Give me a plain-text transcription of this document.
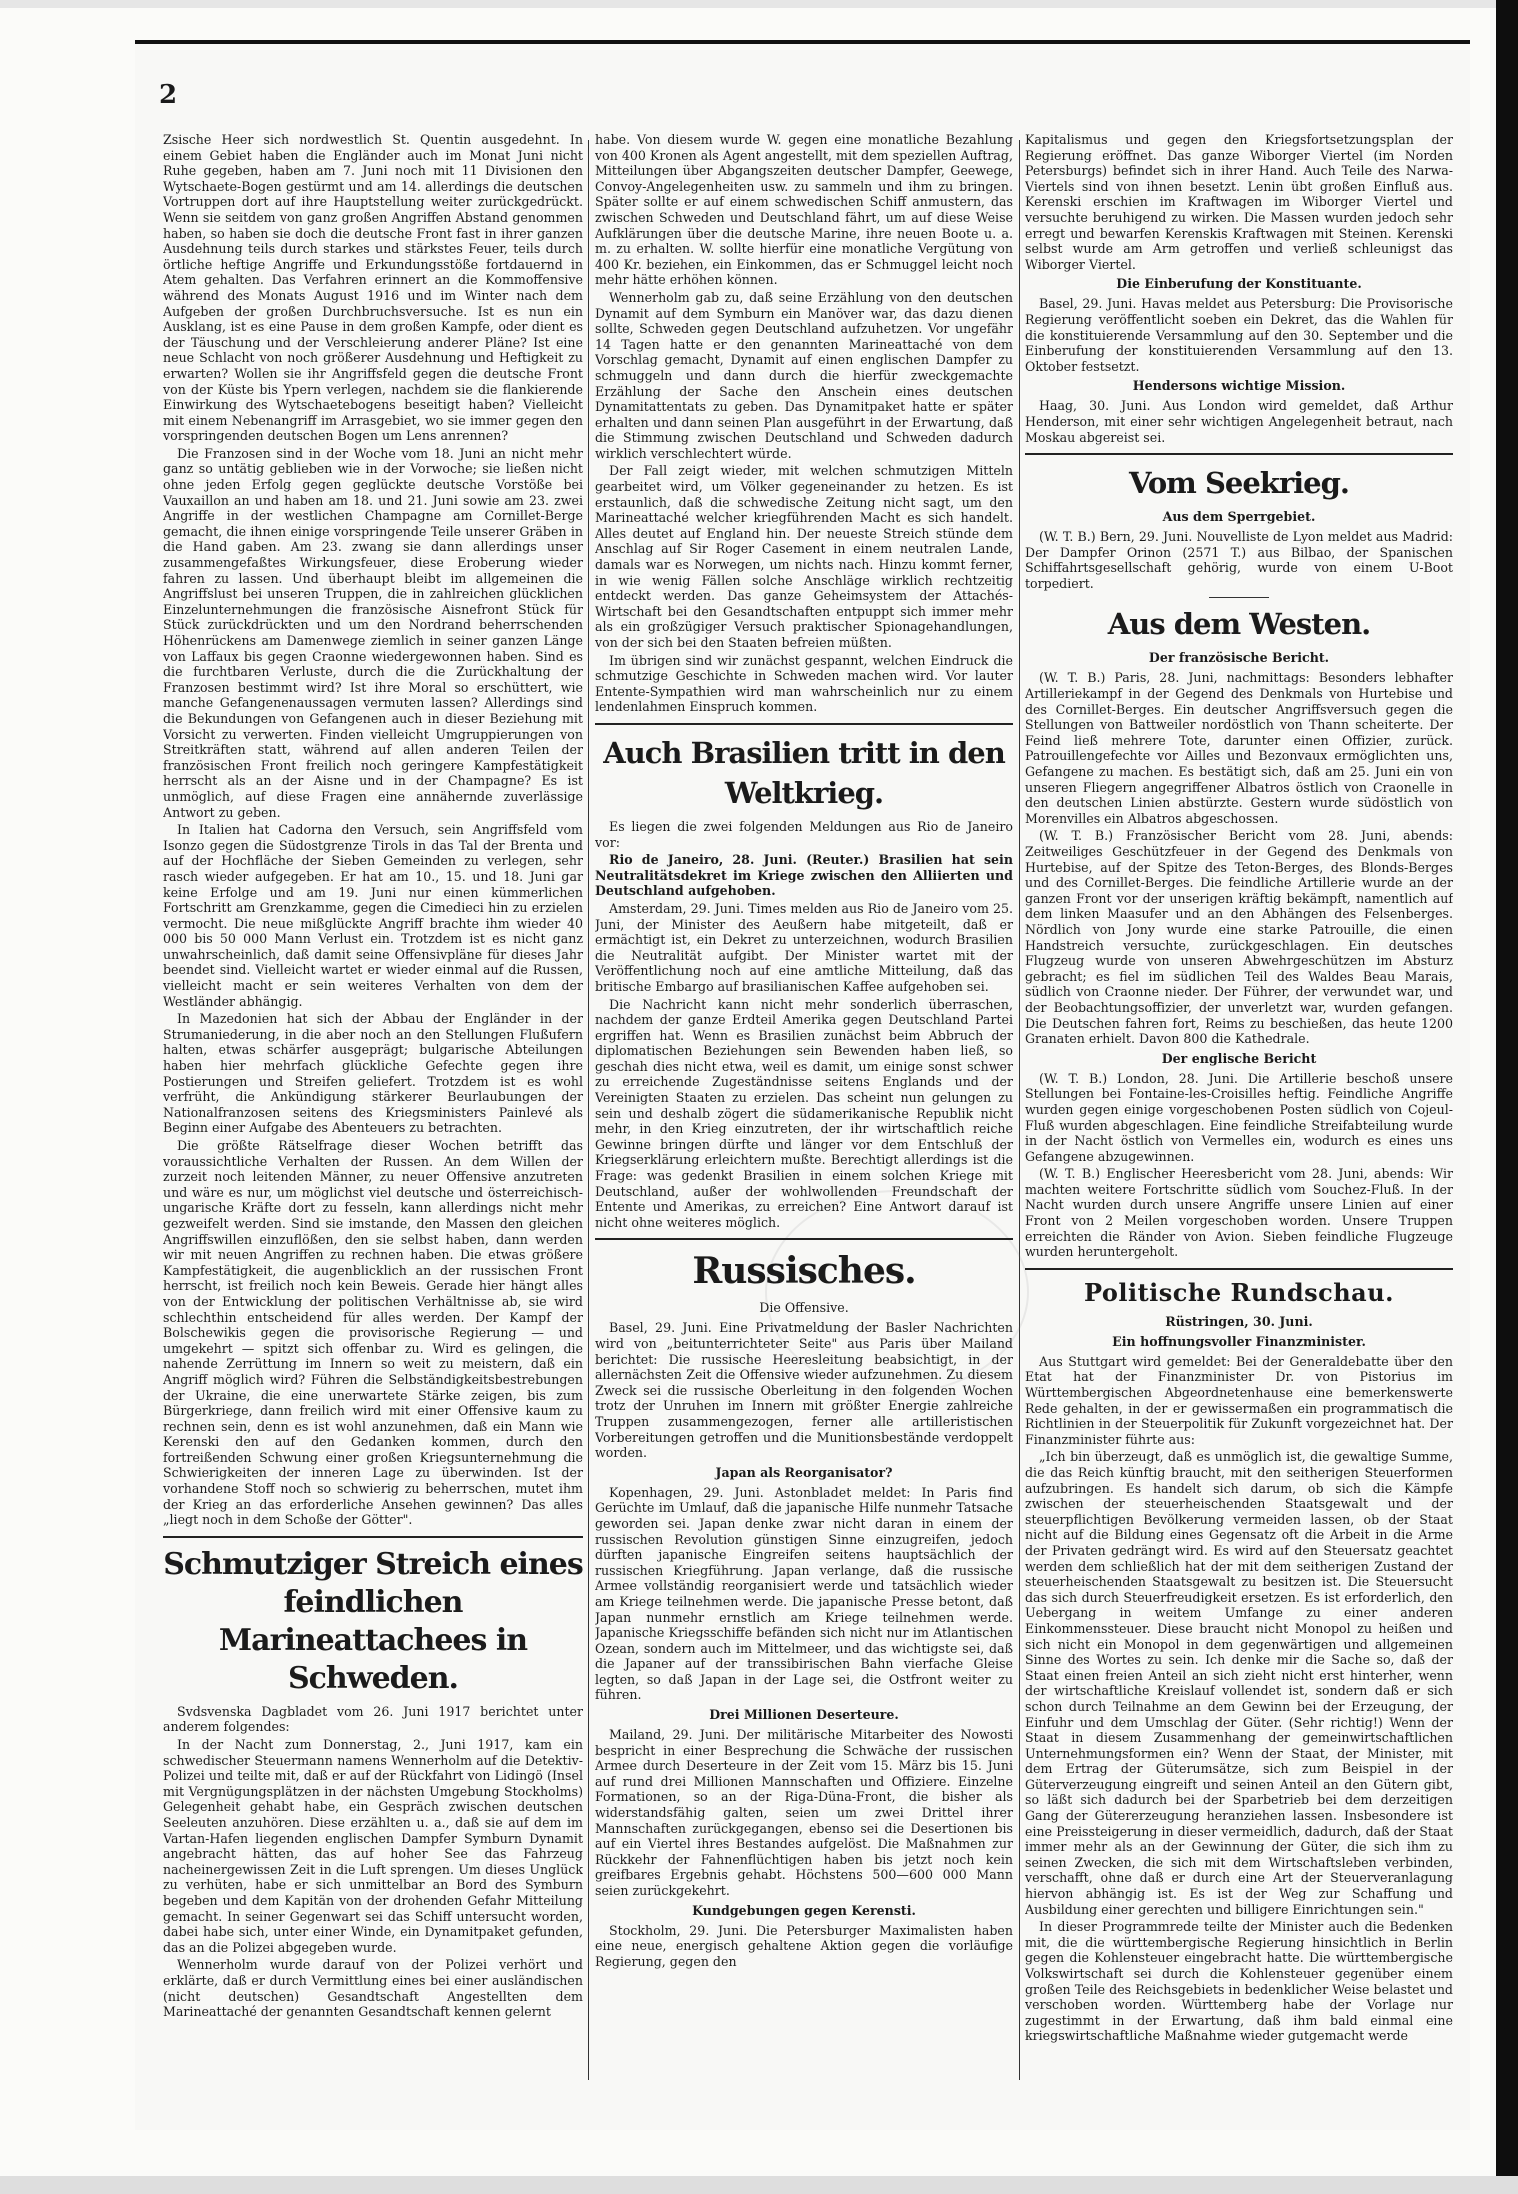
2

Zsische Heer sich nordwestlich St. Quentin ausgedehnt. In einem Gebiet haben die Engländer auch im Monat Juni nicht Ruhe gegeben, haben am 7. Juni noch mit 11 Divisionen den Wytschaete-Bogen gestürmt und am 14. allerdings die deutschen Vortruppen dort auf ihre Hauptstellung weiter zurückgedrückt. Wenn sie seitdem von ganz großen Angriffen Abstand genommen haben, so haben sie doch die deutsche Front fast in ihrer ganzen Ausdehnung teils durch starkes und stärkstes Feuer, teils durch örtliche heftige Angriffe und Erkundungsstöße fortdauernd in Atem gehalten. Das Verfahren erinnert an die Kommoffensive während des Monats August 1916 und im Winter nach dem Aufgeben der großen Durchbruchsversuche. Ist es nun ein Ausklang, ist es eine Pause in dem großen Kampfe, oder dient es der Täuschung und der Verschleierung anderer Pläne? Ist eine neue Schlacht von noch größerer Ausdehnung und Heftigkeit zu erwarten? Wollen sie ihr Angriffsfeld gegen die deutsche Front von der Küste bis Ypern verlegen, nachdem sie die flankierende Einwirkung des Wytschaetebogens beseitigt haben? Vielleicht mit einem Nebenangriff im Arrasgebiet, wo sie immer gegen den vorspringenden deutschen Bogen um Lens anrennen?

Die Franzosen sind in der Woche vom 18. Juni an nicht mehr ganz so untätig geblieben wie in der Vorwoche; sie ließen nicht ohne jeden Erfolg gegen geglückte deutsche Vorstöße bei Vauxaillon an und haben am 18. und 21. Juni sowie am 23. zwei Angriffe in der westlichen Champagne am Cornillet-Berge gemacht, die ihnen einige vorspringende Teile unserer Gräben in die Hand gaben. Am 23. zwang sie dann allerdings unser zusammengefaßtes Wirkungsfeuer, diese Eroberung wieder fahren zu lassen. Und überhaupt bleibt im allgemeinen die Angriffslust bei unseren Truppen, die in zahlreichen glücklichen Einzelunternehmungen die französische Aisnefront Stück für Stück zurückdrückten und um den Nordrand beherrschenden Höhenrückens am Damenwege ziemlich in seiner ganzen Länge von Laffaux bis gegen Craonne wiedergewonnen haben. Sind es die furchtbaren Verluste, durch die die Zurückhaltung der Franzosen bestimmt wird? Ist ihre Moral so erschüttert, wie manche Gefangenenaussagen vermuten lassen? Allerdings sind die Bekundungen von Gefangenen auch in dieser Beziehung mit Vorsicht zu verwerten. Finden vielleicht Umgruppierungen von Streitkräften statt, während auf allen anderen Teilen der französischen Front freilich noch geringere Kampfestätigkeit herrscht als an der Aisne und in der Champagne? Es ist unmöglich, auf diese Fragen eine annähernde zuverlässige Antwort zu geben.

In Italien hat Cadorna den Versuch, sein Angriffsfeld vom Isonzo gegen die Südostgrenze Tirols in das Tal der Brenta und auf der Hochfläche der Sieben Gemeinden zu verlegen, sehr rasch wieder aufgegeben. Er hat am 10., 15. und 18. Juni gar keine Erfolge und am 19. Juni nur einen kümmerlichen Fortschritt am Grenzkamme, gegen die Cimedieci hin zu erzielen vermocht. Die neue mißglückte Angriff brachte ihm wieder 40 000 bis 50 000 Mann Verlust ein. Trotzdem ist es nicht ganz unwahrscheinlich, daß damit seine Offensivpläne für dieses Jahr beendet sind. Vielleicht wartet er wieder einmal auf die Russen, vielleicht macht er sein weiteres Verhalten von dem der Westländer abhängig.

In Mazedonien hat sich der Abbau der Engländer in der Strumaniederung, in die aber noch an den Stellungen Flußufern halten, etwas schärfer ausgeprägt; bulgarische Abteilungen haben hier mehrfach glückliche Gefechte gegen ihre Postierungen und Streifen geliefert. Trotzdem ist es wohl verfrüht, die Ankündigung stärkerer Beurlaubungen der Nationalfranzosen seitens des Kriegsministers Painlevé als Beginn einer Aufgabe des Abenteuers zu betrachten.

Die größte Rätselfrage dieser Wochen betrifft das voraussichtliche Verhalten der Russen. An dem Willen der zurzeit noch leitenden Männer, zu neuer Offensive anzutreten und wäre es nur, um möglichst viel deutsche und österreichisch-ungarische Kräfte dort zu fesseln, kann allerdings nicht mehr gezweifelt werden. Sind sie imstande, den Massen den gleichen Angriffswillen einzuflößen, den sie selbst haben, dann werden wir mit neuen Angriffen zu rechnen haben. Die etwas größere Kampfestätigkeit, die augenblicklich an der russischen Front herrscht, ist freilich noch kein Beweis. Gerade hier hängt alles von der Entwicklung der politischen Verhältnisse ab, sie wird schlechthin entscheidend für alles werden. Der Kampf der Bolschewikis gegen die provisorische Regierung — und umgekehrt — spitzt sich offenbar zu. Wird es gelingen, die nahende Zerrüttung im Innern so weit zu meistern, daß ein Angriff möglich wird? Führen die Selbständigkeitsbestrebungen der Ukraine, die eine unerwartete Stärke zeigen, bis zum Bürgerkriege, dann freilich wird mit einer Offensive kaum zu rechnen sein, denn es ist wohl anzunehmen, daß ein Mann wie Kerenski den auf den Gedanken kommen, durch den fortreißenden Schwung einer großen Kriegsunternehmung die Schwierigkeiten der inneren Lage zu überwinden. Ist der vorhandene Stoff noch so schwierig zu beherrschen, mutet ihm der Krieg an das erforderliche Ansehen gewinnen? Das alles „liegt noch in dem Schoße der Götter".

Schmutziger Streich eines feindlichen Marineattachees in Schweden.

Svdsvenska Dagbladet vom 26. Juni 1917 berichtet unter anderem folgendes:

In der Nacht zum Donnerstag, 2., Juni 1917, kam ein schwedischer Steuermann namens Wennerholm auf die Detektiv-Polizei und teilte mit, daß er auf der Rückfahrt von Lidingö (Insel mit Vergnügungsplätzen in der nächsten Umgebung Stockholms) Gelegenheit gehabt habe, ein Gespräch zwischen deutschen Seeleuten anzuhören. Diese erzählten u. a., daß sie auf dem im Vartan-Hafen liegenden englischen Dampfer Symburn Dynamit angebracht hätten, das auf hoher See das Fahrzeug nacheinergewissen Zeit in die Luft sprengen. Um dieses Unglück zu verhüten, habe er sich unmittelbar an Bord des Symburn begeben und dem Kapitän von der drohenden Gefahr Mitteilung gemacht. In seiner Gegenwart sei das Schiff untersucht worden, dabei habe sich, unter einer Winde, ein Dynamitpaket gefunden, das an die Polizei abgegeben wurde.

Wennerholm wurde darauf von der Polizei verhört und erklärte, daß er durch Vermittlung eines bei einer ausländischen (nicht deutschen) Gesandtschaft Angestellten dem Marineattaché der genannten Gesandtschaft kennen gelernt

habe. Von diesem wurde W. gegen eine monatliche Bezahlung von 400 Kronen als Agent angestellt, mit dem speziellen Auftrag, Mitteilungen über Abgangszeiten deutscher Dampfer, Geewege, Convoy-Angelegenheiten usw. zu sammeln und ihm zu bringen. Später sollte er auf einem schwedischen Schiff anmustern, das zwischen Schweden und Deutschland fährt, um auf diese Weise Aufklärungen über die deutsche Marine, ihre neuen Boote u. a. m. zu erhalten. W. sollte hierfür eine monatliche Vergütung von 400 Kr. beziehen, ein Einkommen, das er Schmuggel leicht noch mehr hätte erhöhen können.

Wennerholm gab zu, daß seine Erzählung von den deutschen Dynamit auf dem Symburn ein Manöver war, das dazu dienen sollte, Schweden gegen Deutschland aufzuhetzen. Vor ungefähr 14 Tagen hatte er den genannten Marineattaché von dem Vorschlag gemacht, Dynamit auf einen englischen Dampfer zu schmuggeln und dann durch die hierfür zweckgemachte Erzählung der Sache den Anschein eines deutschen Dynamitattentats zu geben. Das Dynamitpaket hatte er später erhalten und dann seinen Plan ausgeführt in der Erwartung, daß die Stimmung zwischen Deutschland und Schweden dadurch wirklich verschlechtert würde.

Der Fall zeigt wieder, mit welchen schmutzigen Mitteln gearbeitet wird, um Völker gegeneinander zu hetzen. Es ist erstaunlich, daß die schwedische Zeitung nicht sagt, um den Marineattaché welcher kriegführenden Macht es sich handelt. Alles deutet auf England hin. Der neueste Streich stünde dem Anschlag auf Sir Roger Casement in einem neutralen Lande, damals war es Norwegen, um nichts nach. Hinzu kommt ferner, in wie wenig Fällen solche Anschläge wirklich rechtzeitig entdeckt werden. Das ganze Geheimsystem der Attachés-Wirtschaft bei den Gesandtschaften entpuppt sich immer mehr als ein großzügiger Versuch praktischer Spionagehandlungen, von der sich bei den Staaten befreien müßten.

Im übrigen sind wir zunächst gespannt, welchen Eindruck die schmutzige Geschichte in Schweden machen wird. Vor lauter Entente-Sympathien wird man wahrscheinlich nur zu einem lendenlahmen Einspruch kommen.

Auch Brasilien tritt in den Weltkrieg.

Es liegen die zwei folgenden Meldungen aus Rio de Janeiro vor:

Rio de Janeiro, 28. Juni. (Reuter.) Brasilien hat sein Neutralitätsdekret im Kriege zwischen den Alliierten und Deutschland aufgehoben.

Amsterdam, 29. Juni. Times melden aus Rio de Janeiro vom 25. Juni, der Minister des Aeußern habe mitgeteilt, daß er ermächtigt ist, ein Dekret zu unterzeichnen, wodurch Brasilien die Neutralität aufgibt. Der Minister wartet mit der Veröffentlichung noch auf eine amtliche Mitteilung, daß das britische Embargo auf brasilianischen Kaffee aufgehoben sei.

Die Nachricht kann nicht mehr sonderlich überraschen, nachdem der ganze Erdteil Amerika gegen Deutschland Partei ergriffen hat. Wenn es Brasilien zunächst beim Abbruch der diplomatischen Beziehungen sein Bewenden haben ließ, so geschah dies nicht etwa, weil es damit, um einige sonst schwer zu erreichende Zugeständnisse seitens Englands und der Vereinigten Staaten zu erzielen. Das scheint nun gelungen zu sein und deshalb zögert die südamerikanische Republik nicht mehr, in den Krieg einzutreten, der ihr wirtschaftlich reiche Gewinne bringen dürfte und länger vor dem Entschluß der Kriegserklärung erleichtern mußte. Berechtigt allerdings ist die Frage: was gedenkt Brasilien in einem solchen Kriege mit Deutschland, außer der wohlwollenden Freundschaft der Entente und Amerikas, zu erreichen? Eine Antwort darauf ist nicht ohne weiteres möglich.

Russisches.
Die Offensive.

Basel, 29. Juni. Eine Privatmeldung der Basler Nachrichten wird von „beitunterrichteter Seite" aus Paris über Mailand berichtet: Die russische Heeresleitung beabsichtigt, in der allernächsten Zeit die Offensive wieder aufzunehmen. Zu diesem Zweck sei die russische Oberleitung in den folgenden Wochen trotz der Unruhen im Innern mit größter Energie zahlreiche Truppen zusammengezogen, ferner alle artilleristischen Vorbereitungen getroffen und die Munitionsbestände verdoppelt worden.

Japan als Reorganisator?

Kopenhagen, 29. Juni. Astonbladet meldet: In Paris find Gerüchte im Umlauf, daß die japanische Hilfe nunmehr Tatsache geworden sei. Japan denke zwar nicht daran in einem der russischen Revolution günstigen Sinne einzugreifen, jedoch dürften japanische Eingreifen seitens hauptsächlich der russischen Kriegführung. Japan verlange, daß die russische Armee vollständig reorganisiert werde und tatsächlich wieder am Kriege teilnehmen werde. Die japanische Presse betont, daß Japan nunmehr ernstlich am Kriege teilnehmen werde. Japanische Kriegsschiffe befänden sich nicht nur im Atlantischen Ozean, sondern auch im Mittelmeer, und das wichtigste sei, daß die Japaner auf der transsibirischen Bahn vierfache Gleise legten, so daß Japan in der Lage sei, die Ostfront weiter zu führen.

Drei Millionen Deserteure.

Mailand, 29. Juni. Der militärische Mitarbeiter des Nowosti bespricht in einer Besprechung die Schwäche der russischen Armee durch Deserteure in der Zeit vom 15. März bis 15. Juni auf rund drei Millionen Mannschaften und Offiziere. Einzelne Formationen, so an der Riga-Düna-Front, die bisher als widerstandsfähig galten, seien um zwei Drittel ihrer Mannschaften zurückgegangen, ebenso sei die Desertionen bis auf ein Viertel ihres Bestandes aufgelöst. Die Maßnahmen zur Rückkehr der Fahnenflüchtigen haben bis jetzt noch kein greifbares Ergebnis gehabt. Höchstens 500—600 000 Mann seien zurückgekehrt.

Kundgebungen gegen Kerensti.

Stockholm, 29. Juni. Die Petersburger Maximalisten haben eine neue, energisch gehaltene Aktion gegen die vorläufige Regierung, gegen den

Kapitalismus und gegen den Kriegsfortsetzungsplan der Regierung eröffnet. Das ganze Wiborger Viertel (im Norden Petersburgs) befindet sich in ihrer Hand. Auch Teile des Narwa-Viertels sind von ihnen besetzt. Lenin übt großen Einfluß aus. Kerenski erschien im Kraftwagen im Wiborger Viertel und versuchte beruhigend zu wirken. Die Massen wurden jedoch sehr erregt und bewarfen Kerenskis Kraftwagen mit Steinen. Kerenski selbst wurde am Arm getroffen und verließ schleunigst das Wiborger Viertel.

Die Einberufung der Konstituante.

Basel, 29. Juni. Havas meldet aus Petersburg: Die Provisorische Regierung veröffentlicht soeben ein Dekret, das die Wahlen für die konstituierende Versammlung auf den 30. September und die Einberufung der konstituierenden Versammlung auf den 13. Oktober festsetzt.

Hendersons wichtige Mission.

Haag, 30. Juni. Aus London wird gemeldet, daß Arthur Henderson, mit einer sehr wichtigen Angelegenheit betraut, nach Moskau abgereist sei.

Vom Seekrieg.
Aus dem Sperrgebiet.

(W. T. B.) Bern, 29. Juni. Nouvelliste de Lyon meldet aus Madrid: Der Dampfer Orinon (2571 T.) aus Bilbao, der Spanischen Schiffahrtsgesellschaft gehörig, wurde von einem U-Boot torpediert.

Aus dem Westen.
Der französische Bericht.

(W. T. B.) Paris, 28. Juni, nachmittags: Besonders lebhafter Artilleriekampf in der Gegend des Denkmals von Hurtebise und des Cornillet-Berges. Ein deutscher Angriffsversuch gegen die Stellungen von Battweiler nordöstlich von Thann scheiterte. Der Feind ließ mehrere Tote, darunter einen Offizier, zurück. Patrouillengefechte vor Ailles und Bezonvaux ermöglichten uns, Gefangene zu machen. Es bestätigt sich, daß am 25. Juni ein von unseren Fliegern angegriffener Albatros östlich von Craonelle in den deutschen Linien abstürzte. Gestern wurde südöstlich von Morenvilles ein Albatros abgeschossen.

(W. T. B.) Französischer Bericht vom 28. Juni, abends: Zeitweiliges Geschützfeuer in der Gegend des Denkmals von Hurtebise, auf der Spitze des Teton-Berges, des Blonds-Berges und des Cornillet-Berges. Die feindliche Artillerie wurde an der ganzen Front vor der unserigen kräftig bekämpft, namentlich auf dem linken Maasufer und an den Abhängen des Felsenberges. Nördlich von Jony wurde eine starke Patrouille, die einen Handstreich versuchte, zurückgeschlagen. Ein deutsches Flugzeug wurde von unseren Abwehrgeschützen im Absturz gebracht; es fiel im südlichen Teil des Waldes Beau Marais, südlich von Craonne nieder. Der Führer, der verwundet war, und der Beobachtungsoffizier, der unverletzt war, wurden gefangen. Die Deutschen fahren fort, Reims zu beschießen, das heute 1200 Granaten erhielt. Davon 800 die Kathedrale.

Der englische Bericht

(W. T. B.) London, 28. Juni. Die Artillerie beschoß unsere Stellungen bei Fontaine-les-Croisilles heftig. Feindliche Angriffe wurden gegen einige vorgeschobenen Posten südlich von Cojeul-Fluß wurden abgeschlagen. Eine feindliche Streifabteilung wurde in der Nacht östlich von Vermelles ein, wodurch es eines uns Gefangene abzugewinnen.

(W. T. B.) Englischer Heeresbericht vom 28. Juni, abends: Wir machten weitere Fortschritte südlich vom Souchez-Fluß. In der Nacht wurden durch unsere Angriffe unsere Linien auf einer Front von 2 Meilen vorgeschoben worden. Unsere Truppen erreichten die Ränder von Avion. Sieben feindliche Flugzeuge wurden heruntergeholt.

Politische Rundschau.
Rüstringen, 30. Juni.
Ein hoffnungsvoller Finanzminister.

Aus Stuttgart wird gemeldet: Bei der Generaldebatte über den Etat hat der Finanzminister Dr. von Pistorius im Württembergischen Abgeordnetenhause eine bemerkenswerte Rede gehalten, in der er gewissermaßen ein programmatisch die Richtlinien in der Steuerpolitik für Zukunft vorgezeichnet hat. Der Finanzminister führte aus:

„Ich bin überzeugt, daß es unmöglich ist, die gewaltige Summe, die das Reich künftig braucht, mit den seitherigen Steuerformen aufzubringen. Es handelt sich darum, ob sich die Kämpfe zwischen der steuerheischenden Staatsgewalt und der steuerpflichtigen Bevölkerung vermeiden lassen, ob der Staat nicht auf die Bildung eines Gegensatz oft die Arbeit in die Arme der Privaten gedrängt wird. Es wird auf den Steuersatz geachtet werden dem schließlich hat der mit dem seitherigen Zustand der steuerheischenden Staatsgewalt zu besitzen ist. Die Steuersucht das sich durch Steuerfreudigkeit ersetzen. Es ist erforderlich, den Uebergang in weitem Umfange zu einer anderen Einkommenssteuer. Diese braucht nicht Monopol zu heißen und sich nicht ein Monopol in dem gegenwärtigen und allgemeinen Sinne des Wortes zu sein. Ich denke mir die Sache so, daß der Staat einen freien Anteil an sich zieht nicht erst hinterher, wenn der wirtschaftliche Kreislauf vollendet ist, sondern daß er sich schon durch Teilnahme an dem Gewinn bei der Erzeugung, der Einfuhr und dem Umschlag der Güter. (Sehr richtig!) Wenn der Staat in diesem Zusammenhang der gemeinwirtschaftlichen Unternehmungsformen ein? Wenn der Staat, der Minister, mit dem Ertrag der Güterumsätze, sich zum Beispiel in der Güterverzeugung eingreift und seinen Anteil an den Gütern gibt, so läßt sich dadurch bei der Sparbetrieb bei dem derzeitigen Gang der Gütererzeugung heranziehen lassen. Insbesondere ist eine Preissteigerung in dieser vermeidlich, dadurch, daß der Staat immer mehr als an der Gewinnung der Güter, die sich ihm zu seinen Zwecken, die sich mit dem Wirtschaftsleben verbinden, verschafft, ohne daß er durch eine Art der Steuerveranlagung hiervon abhängig ist. Es ist der Weg zur Schaffung und Ausbildung einer gerechten und billigere Einrichtungen sein."

In dieser Programmrede teilte der Minister auch die Bedenken mit, die die württembergische Regierung hinsichtlich in Berlin gegen die Kohlensteuer eingebracht hatte. Die württembergische Volkswirtschaft sei durch die Kohlensteuer gegenüber einem großen Teile des Reichsgebiets in bedenklicher Weise belastet und verschoben worden. Württemberg habe der Vorlage nur zugestimmt in der Erwartung, daß ihm bald einmal eine kriegswirtschaftliche Maßnahme wieder gutgemacht werde
